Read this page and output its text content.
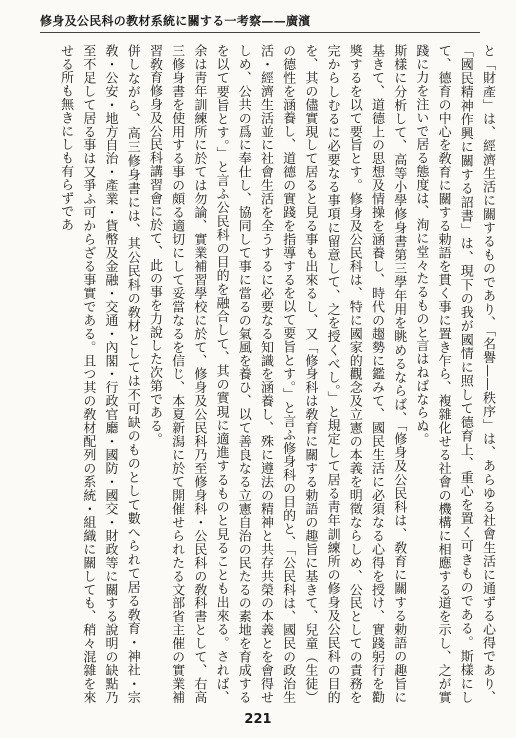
修身及公民科の教材系統に關する一考察——廣濱

と「財產」は、經濟生活に關するものであり、「名譽——秩序」は、あらゆる社會生活に通ずる心得であり、「國民精神作興に關する詔書」は、現下の我が國情に照して德育上、重心を置く可きものである。斯樣にして、德育の中心を敎育に關する勅語を貫く事に置き乍ら、複雜化せる社會の機構に相應する道を示し、之が實踐に力を注いで居る態度は、洵に堂々たるものと言はねばならぬ。

斯樣に分析して、高等小學修身書第三學年用を眺めるならば、「修身及公民科は、敎育に關する勅語の趣旨に基きて、道德上の思想及情操を涵養し、時代の趨勢に鑑みて、國民生活に必須なる心得を授け、實踐躬行を勸奬するを以て要旨とす。修身及公民科は、特に國家的觀念及立憲の本義を明徵ならしめ、公民としての責務を完からしむるに必要なる事項に留意して、之を授くべし。」と規定して居る靑年訓練所の修身及公民科の目的を、其の儘實現して居ると見る事も出來るし、又「修身科は敎育に關する勅語の趣旨に基きて、兒童（生徒）の德性を涵養し、道德の實踐を指導するを以て要旨とす。」と言ふ修身科の目的と、「公民科は、國民の政治生活・經濟生活並に社會生活を全うするに必要なる知識を涵養し、殊に遵法の精神と共存共榮の本義とを會得せしめ、公共の爲に奉仕し、協同して事に當るの氣風を養ひ、以て善良なる立憲自治の民たるの素地を育成するを以て要旨とす。」と言ふ公民科の目的を融合して、其の實現に適進するものと見ることも出來る。されば、余は靑年訓練所に於ては勿論、實業補習學校に於て、修身及公民科乃至修身科・公民科の敎科書として、右高三修身書を使用する事の頗る適切にして妥當なるを信じ、本夏新潟に於て開催せられたる文部省主催の實業補習敎育修身及公民科講習會に於て、此の事を力說した次第である。

併しながら、高三修身書には、其公民科の敎材としては不可缺のものとして數へられて居る敎育・神社・宗敎・公安・地方自治・產業・貨幣及金融・交通・內閣・行政官廳・國防・國交・財政等に關する說明の缺點乃至不足して居る事は又爭ふ可からざる事實である。且つ其の敎材配列の系統・組織に關しても、稍々混雜を來せる所も無きにしも有らずであ

221
